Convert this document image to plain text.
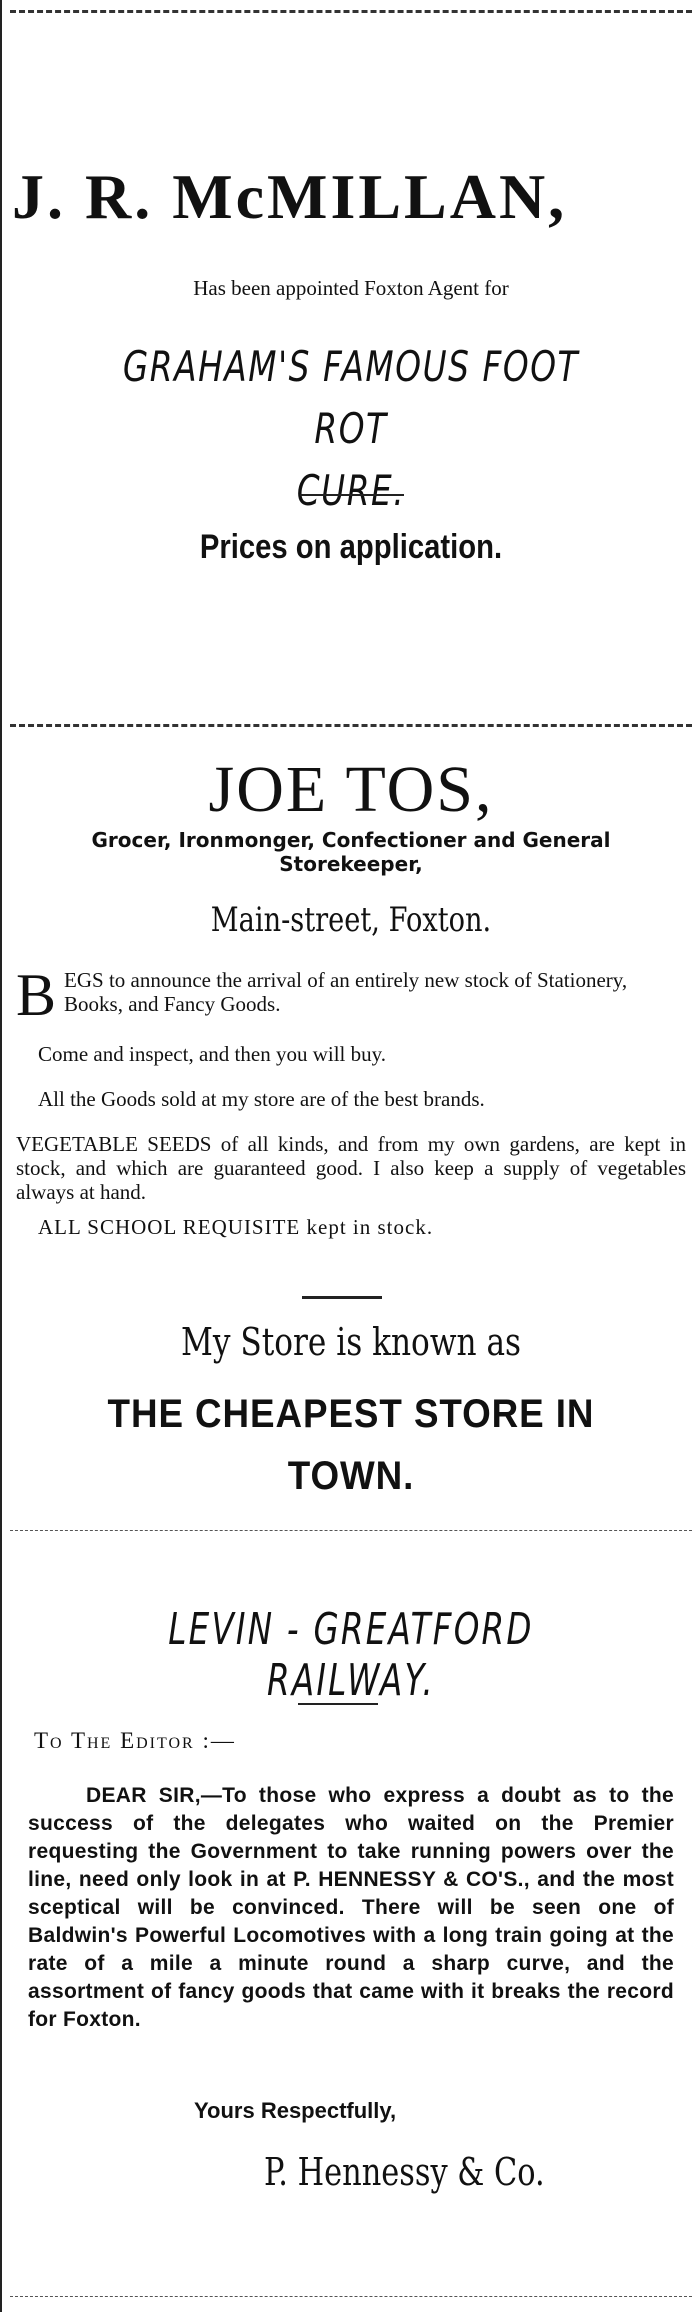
J. R. McMILLAN,
Has been appointed Foxton Agent for
GRAHAM'S FAMOUS FOOT ROT
CURE.
Prices on application.
JOE TOS,
Grocer, Ironmonger, Confectioner and General Storekeeper,
Main-street, Foxton.
B EGS to announce the arrival of an entirely new stock of Stationery, Books, and Fancy Goods.
Come and inspect, and then you will buy.
All the Goods sold at my store are of the best brands.
VEGETABLE SEEDS of all kinds, and from my own gardens, are kept in stock, and which are guaranteed good. I also keep a supply of vegetables always at hand.
ALL SCHOOL REQUISITE kept in stock.
My Store is known as
THE CHEAPEST STORE IN
TOWN.
LEVIN - GREATFORD RAILWAY.
To The Editor :—
DEAR SIR,—To those who express a doubt as to the success of the delegates who waited on the Premier requesting the Government to take running powers over the line, need only look in at P. HENNESSY & CO'S., and the most sceptical will be convinced. There will be seen one of Baldwin's Powerful Locomotives with a long train going at the rate of a mile a minute round a sharp curve, and the assortment of fancy goods that came with it breaks the record for Foxton.
Yours Respectfully,
P. Hennessy & Co.
